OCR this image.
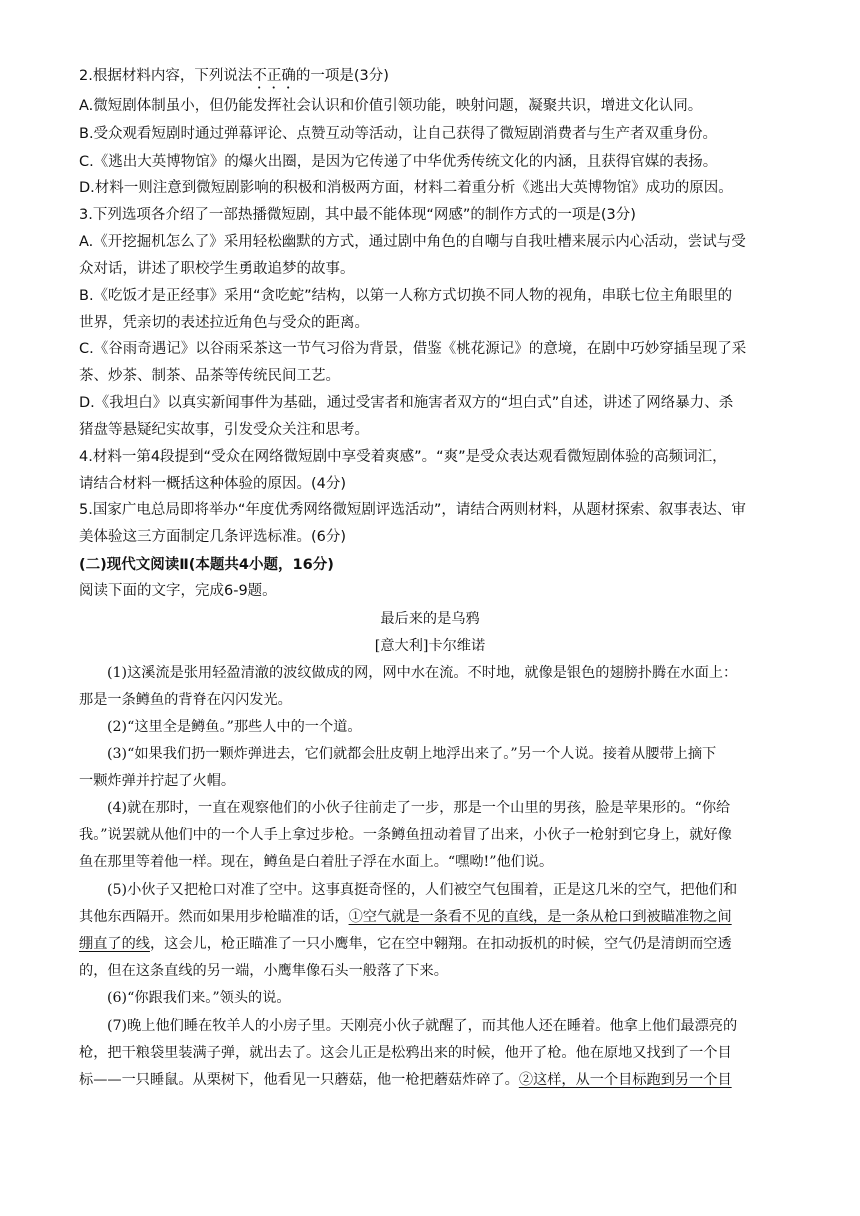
2.根据材料内容，下列说法不正确的一项是(3分)
A.微短剧体制虽小，但仍能发挥社会认识和价值引领功能，映射问题，凝聚共识，增进文化认同。
B.受众观看短剧时通过弹幕评论、点赞互动等活动，让自己获得了微短剧消费者与生产者双重身份。
C.《逃出大英博物馆》的爆火出圈，是因为它传递了中华优秀传统文化的内涵，且获得官媒的表扬。
D.材料一则注意到微短剧影响的积极和消极两方面，材料二着重分析《逃出大英博物馆》成功的原因。
3.下列选项各介绍了一部热播微短剧，其中最不能体现“网感”的制作方式的一项是(3分)
A.《开挖掘机怎么了》采用轻松幽默的方式，通过剧中角色的自嘲与自我吐槽来展示内心活动，尝试与受
众对话，讲述了职校学生勇敢追梦的故事。
B.《吃饭才是正经事》采用“贪吃蛇”结构，以第一人称方式切换不同人物的视角，串联七位主角眼里的
世界，凭亲切的表述拉近角色与受众的距离。
C.《谷雨奇遇记》以谷雨采茶这一节气习俗为背景，借鉴《桃花源记》的意境，在剧中巧妙穿插呈现了采
茶、炒茶、制茶、品茶等传统民间工艺。
D.《我坦白》以真实新闻事件为基础，通过受害者和施害者双方的“坦白式”自述，讲述了网络暴力、杀
猪盘等悬疑纪实故事，引发受众关注和思考。
4.材料一第4段提到“受众在网络微短剧中享受着爽感”。“爽”是受众表达观看微短剧体验的高频词汇，
请结合材料一概括这种体验的原因。(4分)
5.国家广电总局即将举办“年度优秀网络微短剧评选活动”，请结合两则材料，从题材探索、叙事表达、审
美体验这三方面制定几条评选标准。(6分)
(二)现代文阅读Ⅱ(本题共4小题，16分)
阅读下面的文字，完成6-9题。
最后来的是乌鸦
[意大利]卡尔维诺
(1)这溪流是张用轻盈清澈的波纹做成的网，网中水在流。不时地，就像是银色的翅膀扑腾在水面上：
那是一条鳟鱼的背脊在闪闪发光。
(2)“这里全是鳟鱼。”那些人中的一个道。
(3)“如果我们扔一颗炸弹进去，它们就都会肚皮朝上地浮出来了。”另一个人说。接着从腰带上摘下
一颗炸弹并拧起了火帽。
(4)就在那时，一直在观察他们的小伙子往前走了一步，那是一个山里的男孩，脸是苹果形的。“你给
我。”说罢就从他们中的一个人手上拿过步枪。一条鳟鱼扭动着冒了出来，小伙子一枪射到它身上，就好像
鱼在那里等着他一样。现在，鳟鱼是白着肚子浮在水面上。“嘿呦!”他们说。
(5)小伙子又把枪口对准了空中。这事真挺奇怪的，人们被空气包围着，正是这几米的空气，把他们和
其他东西隔开。然而如果用步枪瞄准的话，①空气就是一条看不见的直线，是一条从枪口到被瞄准物之间
绷直了的线，这会儿，枪正瞄准了一只小鹰隼，它在空中翱翔。在扣动扳机的时候，空气仍是清朗而空透
的，但在这条直线的另一端，小鹰隼像石头一般落了下来。
(6)“你跟我们来。”领头的说。
(7)晚上他们睡在牧羊人的小房子里。天刚亮小伙子就醒了，而其他人还在睡着。他拿上他们最漂亮的
枪，把干粮袋里装满子弹，就出去了。这会儿正是松鸦出来的时候，他开了枪。他在原地又找到了一个目
标——一只睡鼠。从栗树下，他看见一只蘑菇，他一枪把蘑菇炸碎了。②这样，从一个目标跑到另一个目
